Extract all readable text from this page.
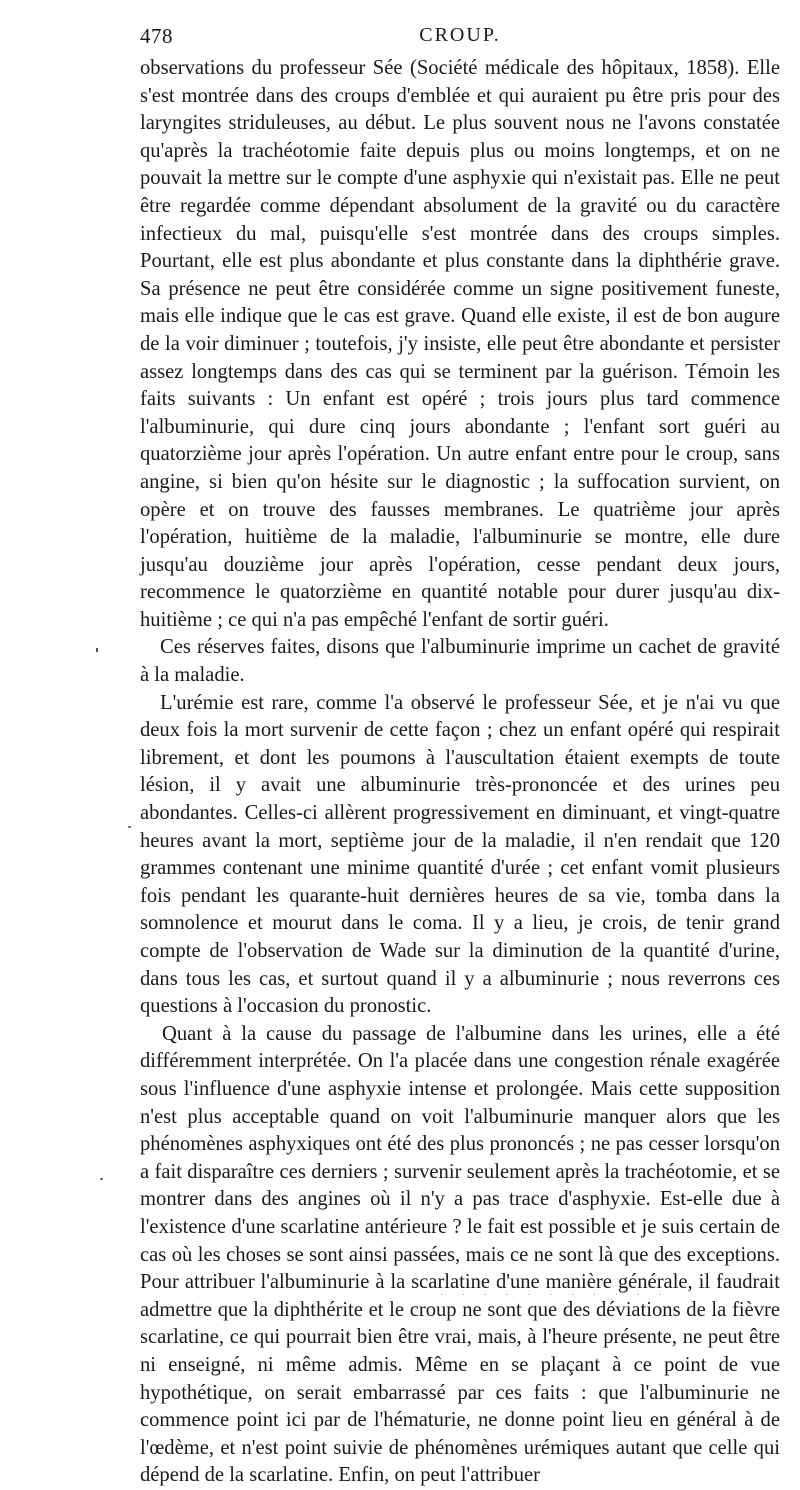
478	CROUP.

observations du professeur Sée (Société médicale des hôpitaux, 1858). Elle s'est montrée dans des croups d'emblée et qui auraient pu être pris pour des laryngites striduleuses, au début. Le plus souvent nous ne l'avons constatée qu'après la trachéotomie faite depuis plus ou moins longtemps, et on ne pouvait la mettre sur le compte d'une asphyxie qui n'existait pas. Elle ne peut être regardée comme dépendant absolument de la gravité ou du caractère infectieux du mal, puisqu'elle s'est montrée dans des croups simples. Pourtant, elle est plus abondante et plus constante dans la diphthérie grave. Sa présence ne peut être considérée comme un signe positivement funeste, mais elle indique que le cas est grave. Quand elle existe, il est de bon augure de la voir diminuer ; toutefois, j'y insiste, elle peut être abondante et persister assez longtemps dans des cas qui se terminent par la guérison. Témoin les faits suivants : Un enfant est opéré ; trois jours plus tard commence l'albuminurie, qui dure cinq jours abondante ; l'enfant sort guéri au quatorzième jour après l'opération. Un autre enfant entre pour le croup, sans angine, si bien qu'on hésite sur le diagnostic ; la suffocation survient, on opère et on trouve des fausses membranes. Le quatrième jour après l'opération, huitième de la maladie, l'albuminurie se montre, elle dure jusqu'au douzième jour après l'opération, cesse pendant deux jours, recommence le quatorzième en quantité notable pour durer jusqu'au dix-huitième ; ce qui n'a pas empêché l'enfant de sortir guéri.

Ces réserves faites, disons que l'albuminurie imprime un cachet de gravité à la maladie.

L'urémie est rare, comme l'a observé le professeur Sée, et je n'ai vu que deux fois la mort survenir de cette façon ; chez un enfant opéré qui respirait librement, et dont les poumons à l'auscultation étaient exempts de toute lésion, il y avait une albuminurie très-prononcée et des urines peu abondantes. Celles-ci allèrent progressivement en diminuant, et vingt-quatre heures avant la mort, septième jour de la maladie, il n'en rendait que 120 grammes contenant une minime quantité d'urée ; cet enfant vomit plusieurs fois pendant les quarante-huit dernières heures de sa vie, tomba dans la somnolence et mourut dans le coma. Il y a lieu, je crois, de tenir grand compte de l'observation de Wade sur la diminution de la quantité d'urine, dans tous les cas, et surtout quand il y a albuminurie ; nous reverrons ces questions à l'occasion du pronostic.

Quant à la cause du passage de l'albumine dans les urines, elle a été différemment interprétée. On l'a placée dans une congestion rénale exagérée sous l'influence d'une asphyxie intense et prolongée. Mais cette supposition n'est plus acceptable quand on voit l'albuminurie manquer alors que les phénomènes asphyxiques ont été des plus prononcés ; ne pas cesser lorsqu'on a fait disparaître ces derniers ; survenir seulement après la trachéotomie, et se montrer dans des angines où il n'y a pas trace d'asphyxie. Est-elle due à l'existence d'une scarlatine antérieure ? le fait est possible et je suis certain de cas où les choses se sont ainsi passées, mais ce ne sont là que des exceptions. Pour attribuer l'albuminurie à la scarlatine d'une manière générale, il faudrait admettre que la diphthérite et le croup ne sont que des déviations de la fièvre scarlatine, ce qui pourrait bien être vrai, mais, à l'heure présente, ne peut être ni enseigné, ni même admis. Même en se plaçant à ce point de vue hypothétique, on serait embarrassé par ces faits : que l'albuminurie ne commence point ici par de l'hématurie, ne donne point lieu en général à de l'œdème, et n'est point suivie de phénomènes urémiques autant que celle qui dépend de la scarlatine. Enfin, on peut l'attribuer

· · · · · · · · · · ·
